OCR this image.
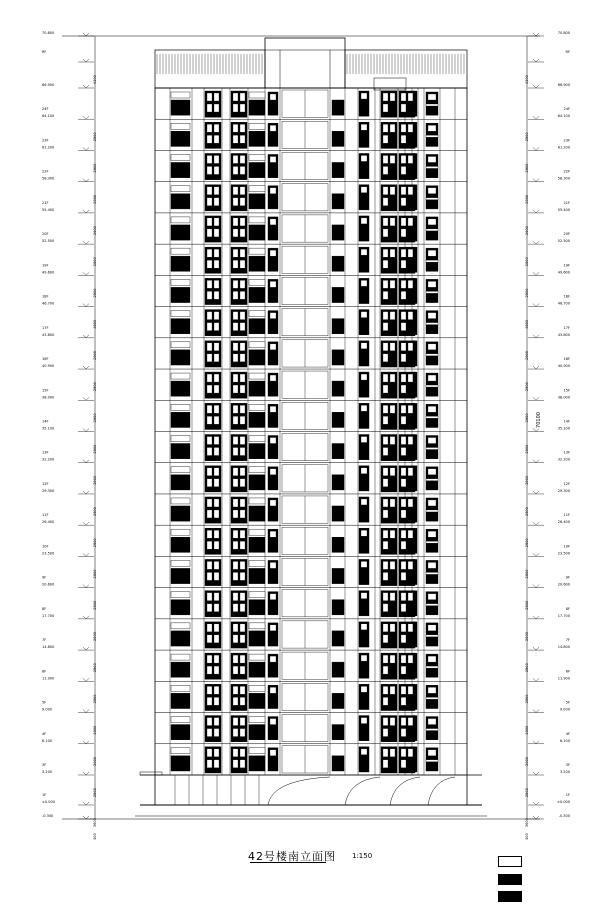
70.800
RF
4300
66.900
24F
64.100
2900
23F
61.200
2900
22F
58.300
2900
21F
55.400
2900
20F
52.500
2900
19F
49.600
2900
18F
46.700
2900
17F
43.800
2900
16F
40.900
2900
15F
38.000
2900
14F
35.100
2900
13F
32.200
2900
12F
29.300
2900
11F
26.400
2900
10F
23.500
2900
9F
20.600
2900
8F
17.700
2900
7F
14.800
2900
6F
11.900
2900
5F
9.000
2900
4F
6.100
2900
3F
3.200
2900
1F
±0.000
3600
-0.300
300
70.800
RF
4300
66.900
24F
64.100
2900	23F
61.200
2900	22F
58.300
2900	21F
55.400
2900	20F
52.500
2900	19F
49.600
2900	18F
46.700
2900	17F
43.800
2900	16F
40.900
2900	15F
38.000
2900	14F
35.100
2900	13F
32.200
2900	12F
29.300
2900	11F
26.400
2900	10F
23.500
2900	9F
20.600
2900	8F
17.700
2900	7F
14.800
2900	6F
11.900
2900	5F
9.000
2900	4F
6.100
2900	3F
3.200
2900	1F
±0.000
3600
-0.300
300
70100
42号楼南立面图 1:150
